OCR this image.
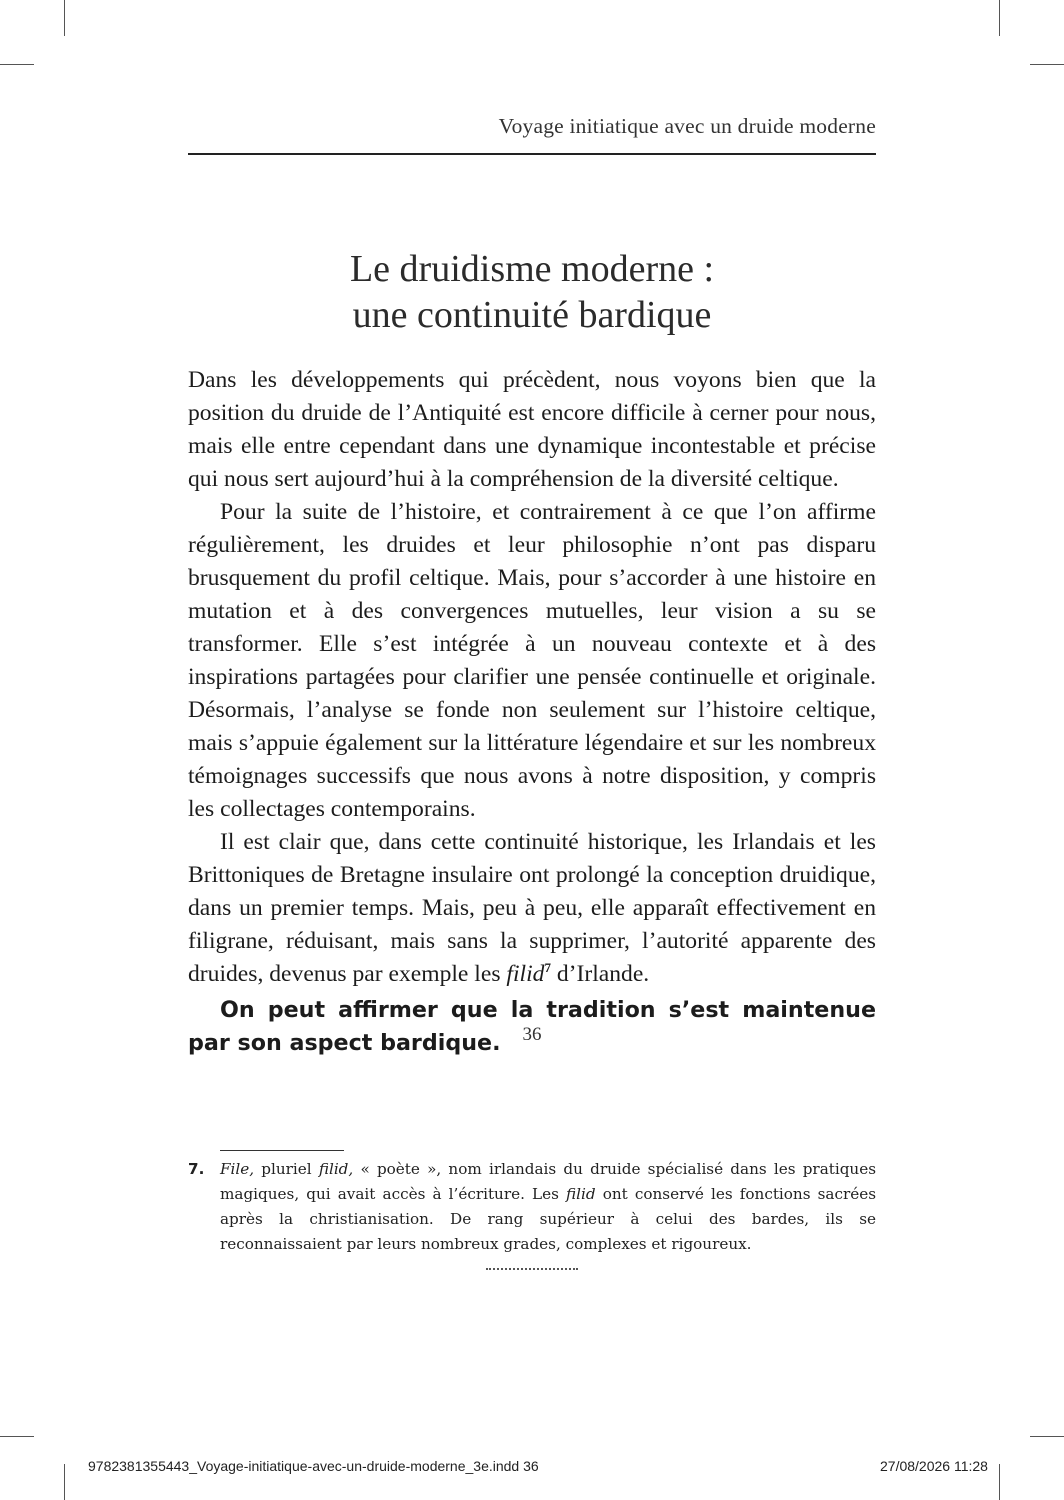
Voyage initiatique avec un druide moderne
Le druidisme moderne :
une continuité bardique

Dans les développements qui précèdent, nous voyons bien que la position du druide de l’Antiquité est encore difficile à cerner pour nous, mais elle entre cependant dans une dynamique incontestable et précise qui nous sert aujourd’hui à la compréhension de la diversité celtique.

Pour la suite de l’histoire, et contrairement à ce que l’on affirme régulièrement, les druides et leur philosophie n’ont pas disparu brusquement du profil celtique. Mais, pour s’accorder à une histoire en mutation et à des convergences mutuelles, leur vision a su se transformer. Elle s’est intégrée à un nouveau contexte et à des inspirations partagées pour clarifier une pensée continuelle et originale. Désormais, l’analyse se fonde non seulement sur l’histoire celtique, mais s’appuie également sur la littérature légendaire et sur les nombreux témoignages successifs que nous avons à notre disposition, y compris les collectages contemporains.

Il est clair que, dans cette continuité historique, les Irlandais et les Brittoniques de Bretagne insulaire ont prolongé la conception druidique, dans un premier temps. Mais, peu à peu, elle apparaît effectivement en filigrane, réduisant, mais sans la supprimer, l’autorité apparente des druides, devenus par exemple les filid$^7$ d’Irlande.

On peut affirmer que la tradition s’est maintenue par son aspect bardique.

7.	File, pluriel filid, « poète », nom irlandais du druide spécialisé dans les pratiques magiques, qui avait accès à l’écriture. Les filid ont conservé les fonctions sacrées après la christianisation. De rang supérieur à celui des bardes, ils se reconnaissaient par leurs nombreux grades, complexes et rigoureux.
36
9782381355443_Voyage-initiatique-avec-un-druide-moderne_3e.indd 36	27/08/2026 11:28
